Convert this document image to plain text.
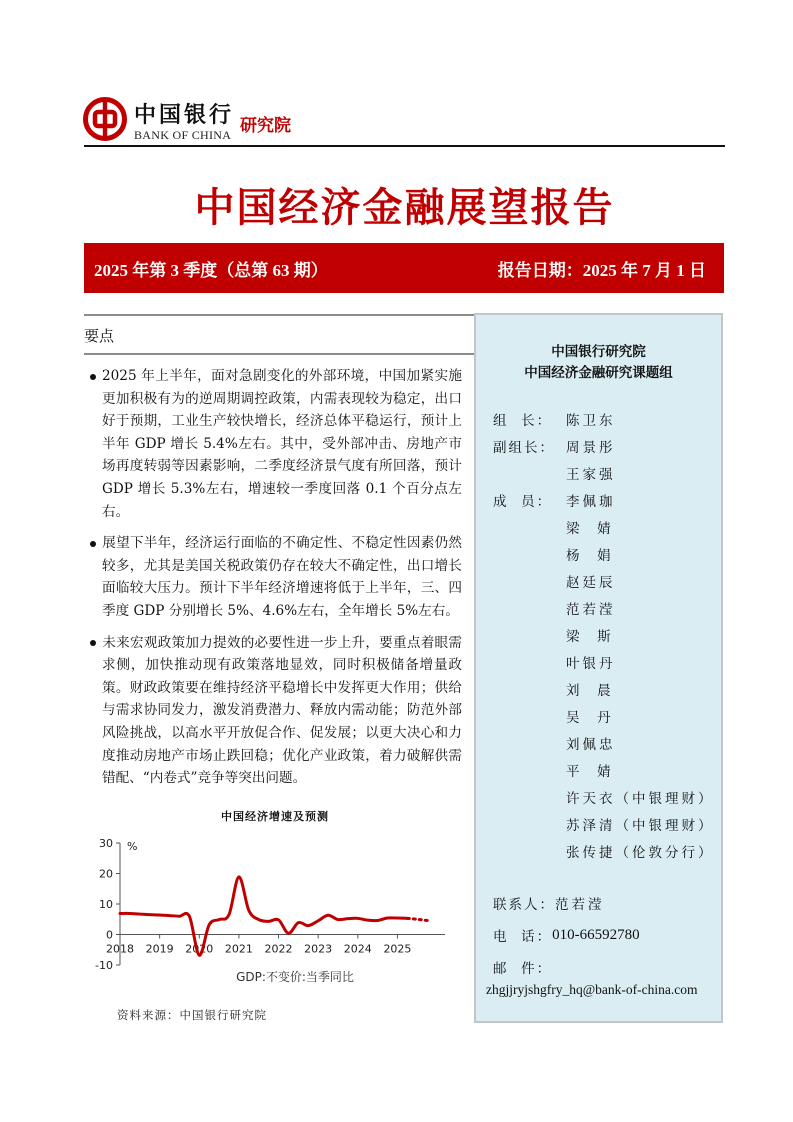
中国银行
BANK OF CHINA 研究院
中国经济金融展望报告
2025 年第 3 季度（总第 63 期）	报告日期：2025 年 7 月 1 日
要点

2025 年上半年，面对急剧变化的外部环境，中国加紧实施更加积极有为的逆周期调控政策，内需表现较为稳定，出口好于预期，工业生产较快增长，经济总体平稳运行，预计上半年 GDP 增长 5.4%左右。其中，受外部冲击、房地产市场再度转弱等因素影响，二季度经济景气度有所回落，预计 GDP 增长 5.3%左右，增速较一季度回落 0.1 个百分点左右。

展望下半年，经济运行面临的不确定性、不稳定性因素仍然较多，尤其是美国关税政策仍存在较大不确定性，出口增长面临较大压力。预计下半年经济增速将低于上半年，三、四季度 GDP 分别增长 5%、4.6%左右，全年增长 5%左右。

未来宏观政策加力提效的必要性进一步上升，要重点着眼需求侧，加快推动现有政策落地显效，同时积极储备增量政策。财政政策要在维持经济平稳增长中发挥更大作用；供给与需求协同发力，激发消费潜力、释放内需动能；防范外部风险挑战，以高水平开放促合作、促发展；以更大决心和力度推动房地产市场止跌回稳；优化产业政策，着力破解供需错配、“内卷式”竞争等突出问题。

中国经济增速及预测
-10
0
10
20
30 %
2018 2019 2020 2021 2022 2023 2024 2025
GDP:不变价:当季同比
资料来源：中国银行研究院
中国银行研究院
中国经济金融研究课题组
组  长：	陈卫东
副组长： 周景彤
王家强
成  员：	李佩珈
梁  婧
杨  娟
赵廷辰
范若滢
梁  斯
叶银丹
刘  晨
吴  丹
刘佩忠
平  婧
许天衣（中银理财）
苏泽清（中银理财）
张传捷（伦敦分行）
联系人： 范若滢
电  话： 010-66592780
邮  件：
zhgjjryjshgfry_hq@bank-of-china.com
